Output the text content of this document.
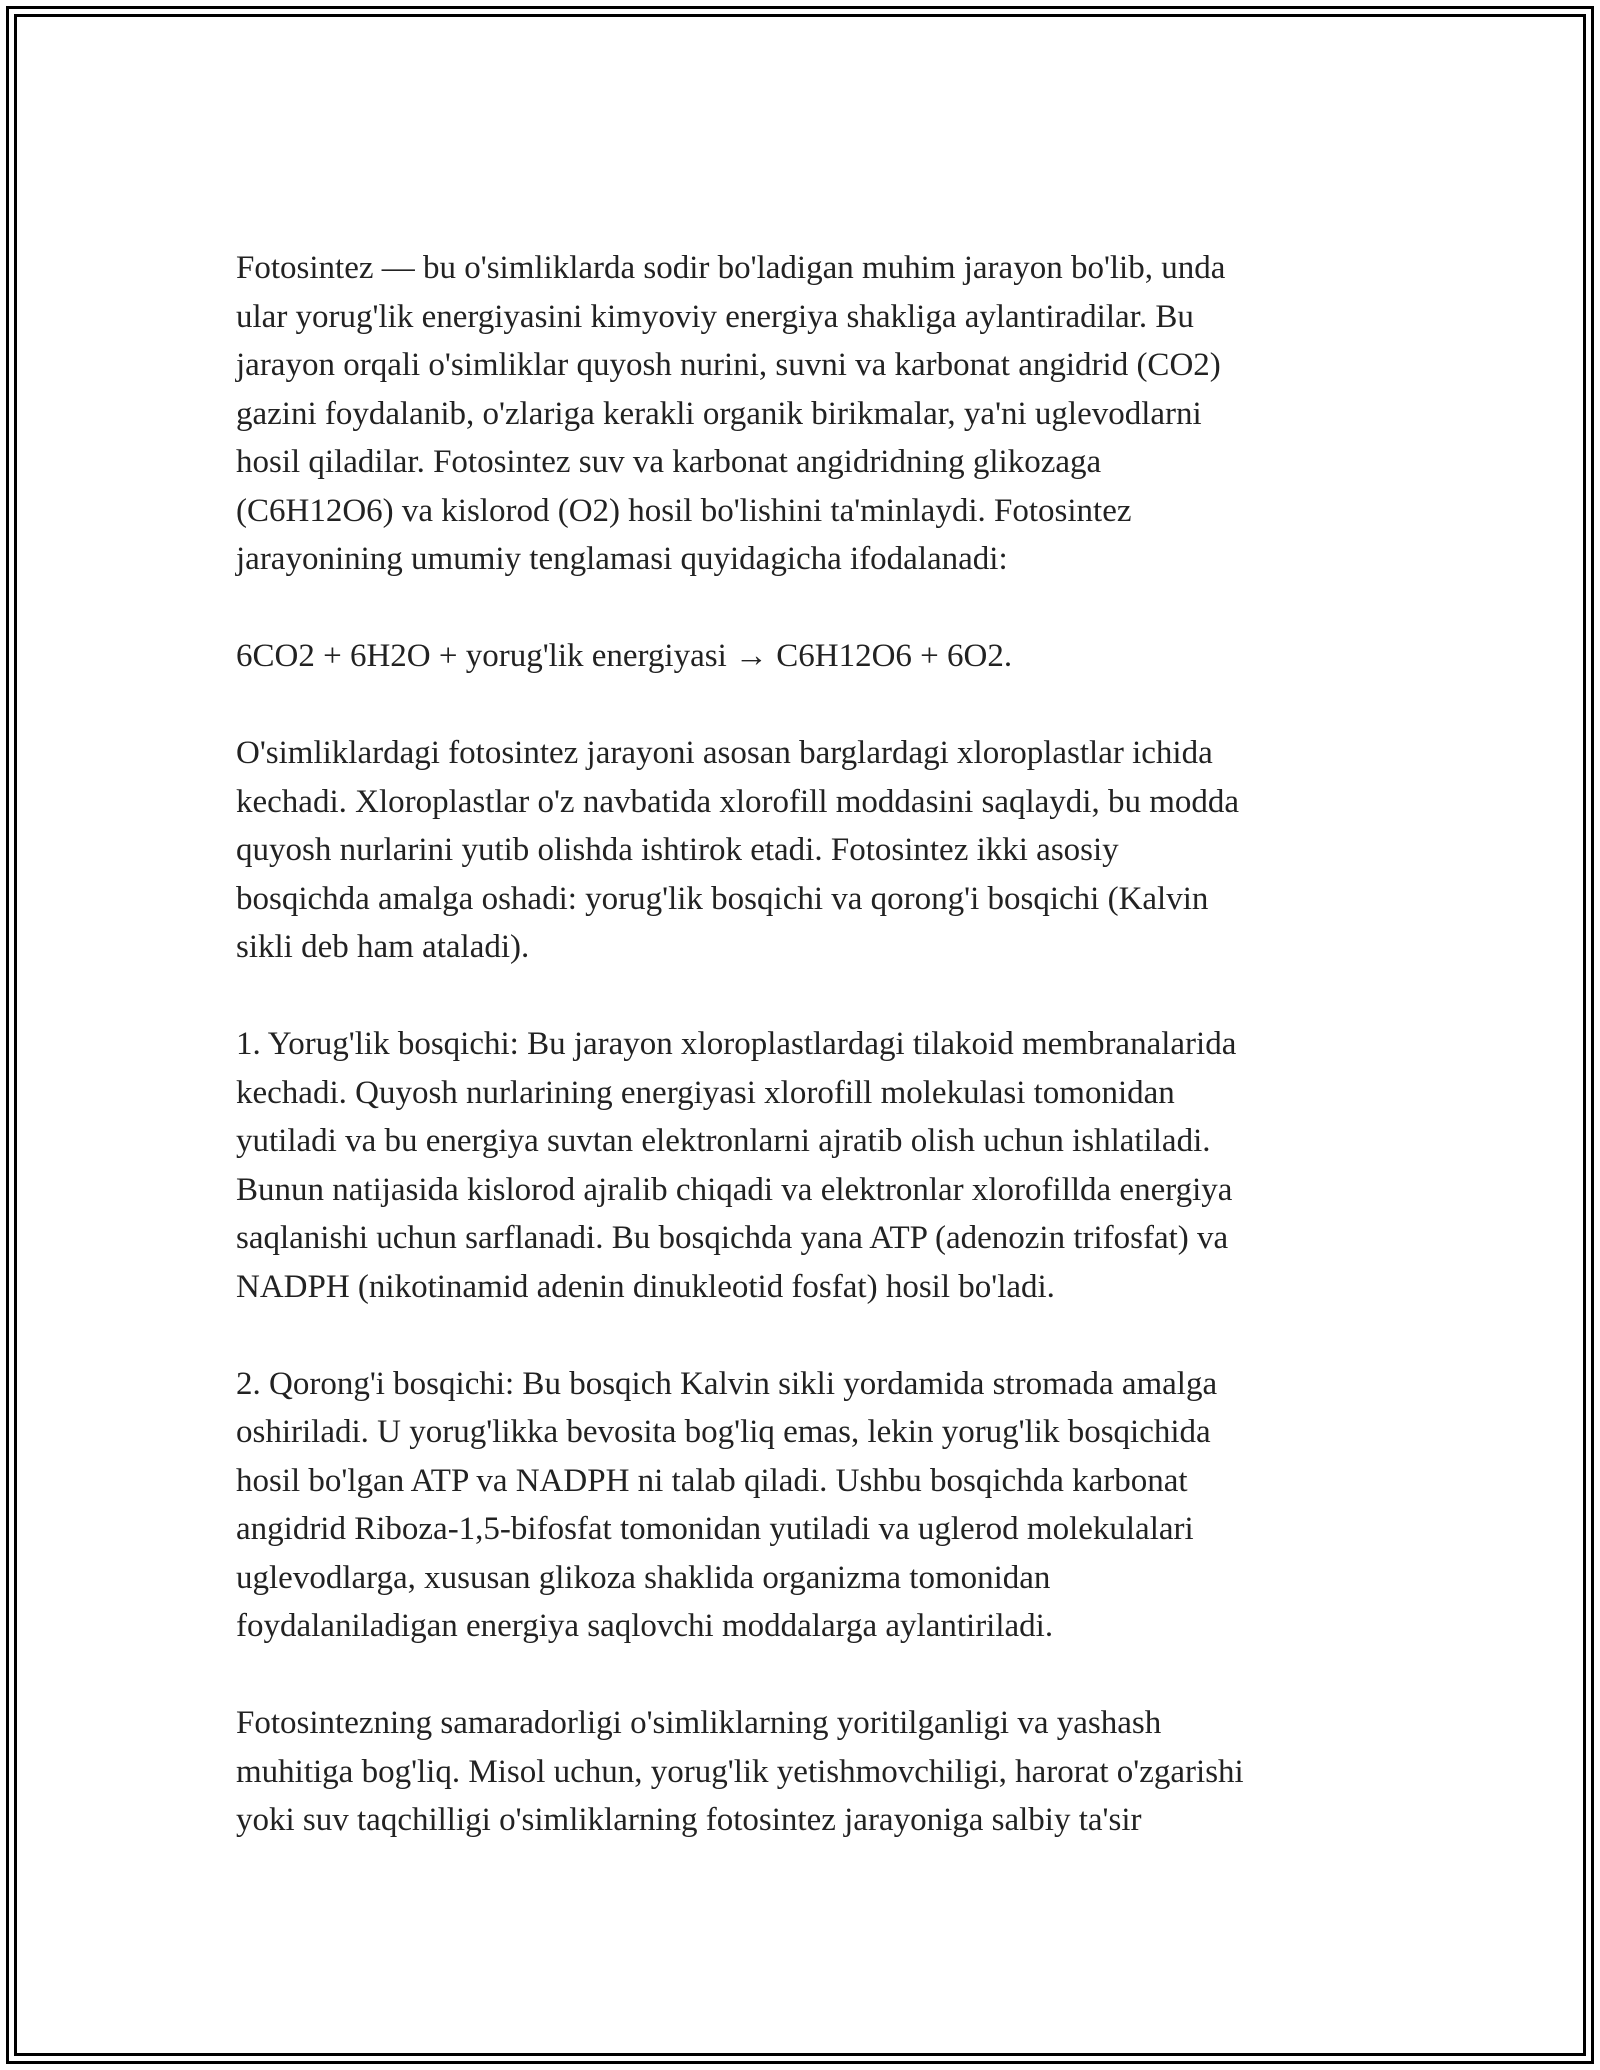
Fotosintez — bu o'simliklarda sodir bo'ladigan muhim jarayon bo'lib, unda
ular yorug'lik energiyasini kimyoviy energiya shakliga aylantiradilar. Bu
jarayon orqali o'simliklar quyosh nurini, suvni va karbonat angidrid (CO2)
gazini foydalanib, o'zlariga kerakli organik birikmalar, ya'ni uglevodlarni
hosil qiladilar. Fotosintez suv va karbonat angidridning glikozaga
(C6H12O6) va kislorod (O2) hosil bo'lishini ta'minlaydi. Fotosintez
jarayonining umumiy tenglamasi quyidagicha ifodalanadi:

6CO2 + 6H2O + yorug'lik energiyasi → C6H12O6 + 6O2.

O'simliklardagi fotosintez jarayoni asosan barglardagi xloroplastlar ichida
kechadi. Xloroplastlar o'z navbatida xlorofill moddasini saqlaydi, bu modda
quyosh nurlarini yutib olishda ishtirok etadi. Fotosintez ikki asosiy
bosqichda amalga oshadi: yorug'lik bosqichi va qorong'i bosqichi (Kalvin
sikli deb ham ataladi).

1. Yorug'lik bosqichi: Bu jarayon xloroplastlardagi tilakoid membranalarida
kechadi. Quyosh nurlarining energiyasi xlorofill molekulasi tomonidan
yutiladi va bu energiya suvtan elektronlarni ajratib olish uchun ishlatiladi.
Bunun natijasida kislorod ajralib chiqadi va elektronlar xlorofillda energiya
saqlanishi uchun sarflanadi. Bu bosqichda yana ATP (adenozin trifosfat) va
NADPH (nikotinamid adenin dinukleotid fosfat) hosil bo'ladi.

2. Qorong'i bosqichi: Bu bosqich Kalvin sikli yordamida stromada amalga
oshiriladi. U yorug'likka bevosita bog'liq emas, lekin yorug'lik bosqichida
hosil bo'lgan ATP va NADPH ni talab qiladi. Ushbu bosqichda karbonat
angidrid Riboza-1,5-bifosfat tomonidan yutiladi va uglerod molekulalari
uglevodlarga, xususan glikoza shaklida organizma tomonidan
foydalaniladigan energiya saqlovchi moddalarga aylantiriladi.

Fotosintezning samaradorligi o'simliklarning yoritilganligi va yashash
muhitiga bog'liq. Misol uchun, yorug'lik yetishmovchiligi, harorat o'zgarishi
yoki suv taqchilligi o'simliklarning fotosintez jarayoniga salbiy ta'sir
